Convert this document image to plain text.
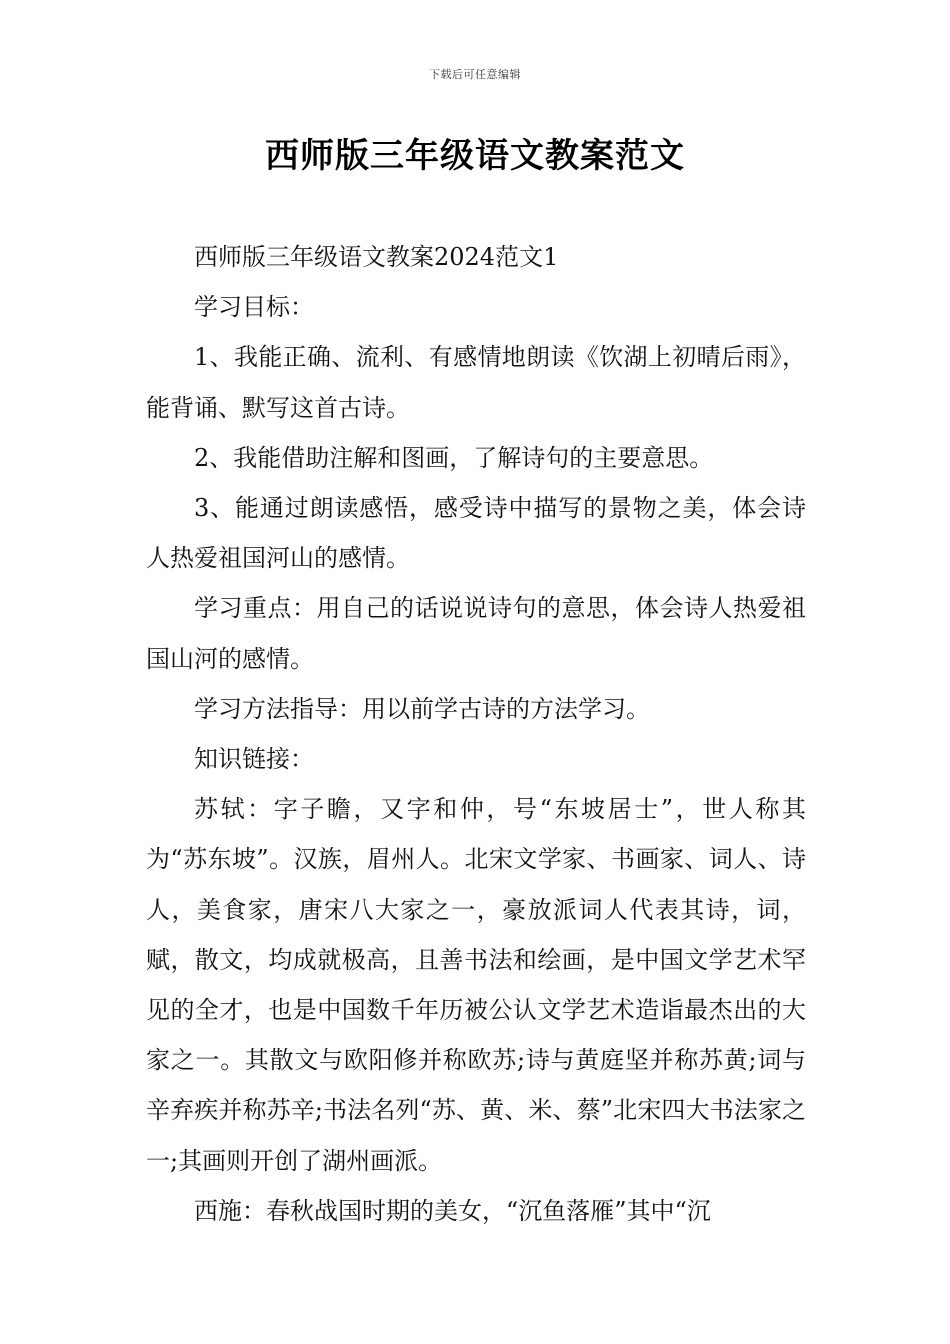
下载后可任意编辑
西师版三年级语文教案范文

西师版三年级语文教案2024范文1

学习目标：

1、我能正确、流利、有感情地朗读《饮湖上初晴后雨》，能背诵、默写这首古诗。

2、我能借助注解和图画，了解诗句的主要意思。

3、能通过朗读感悟，感受诗中描写的景物之美，体会诗人热爱祖国河山的感情。

学习重点：用自己的话说说诗句的意思，体会诗人热爱祖国山河的感情。

学习方法指导：用以前学古诗的方法学习。

知识链接：

苏轼：字子瞻，又字和仲，号“东坡居士”，世人称其为“苏东坡”。汉族，眉州人。北宋文学家、书画家、词人、诗人，美食家，唐宋八大家之一，豪放派词人代表其诗，词，赋，散文，均成就极高，且善书法和绘画，是中国文学艺术罕见的全才，也是中国数千年历被公认文学艺术造诣最杰出的大家之一。其散文与欧阳修并称欧苏;诗与黄庭坚并称苏黄;词与辛弃疾并称苏辛;书法名列“苏、黄、米、蔡”北宋四大书法家之一;其画则开创了湖州画派。

西施：春秋战国时期的美女，“沉鱼落雁”其中“沉
